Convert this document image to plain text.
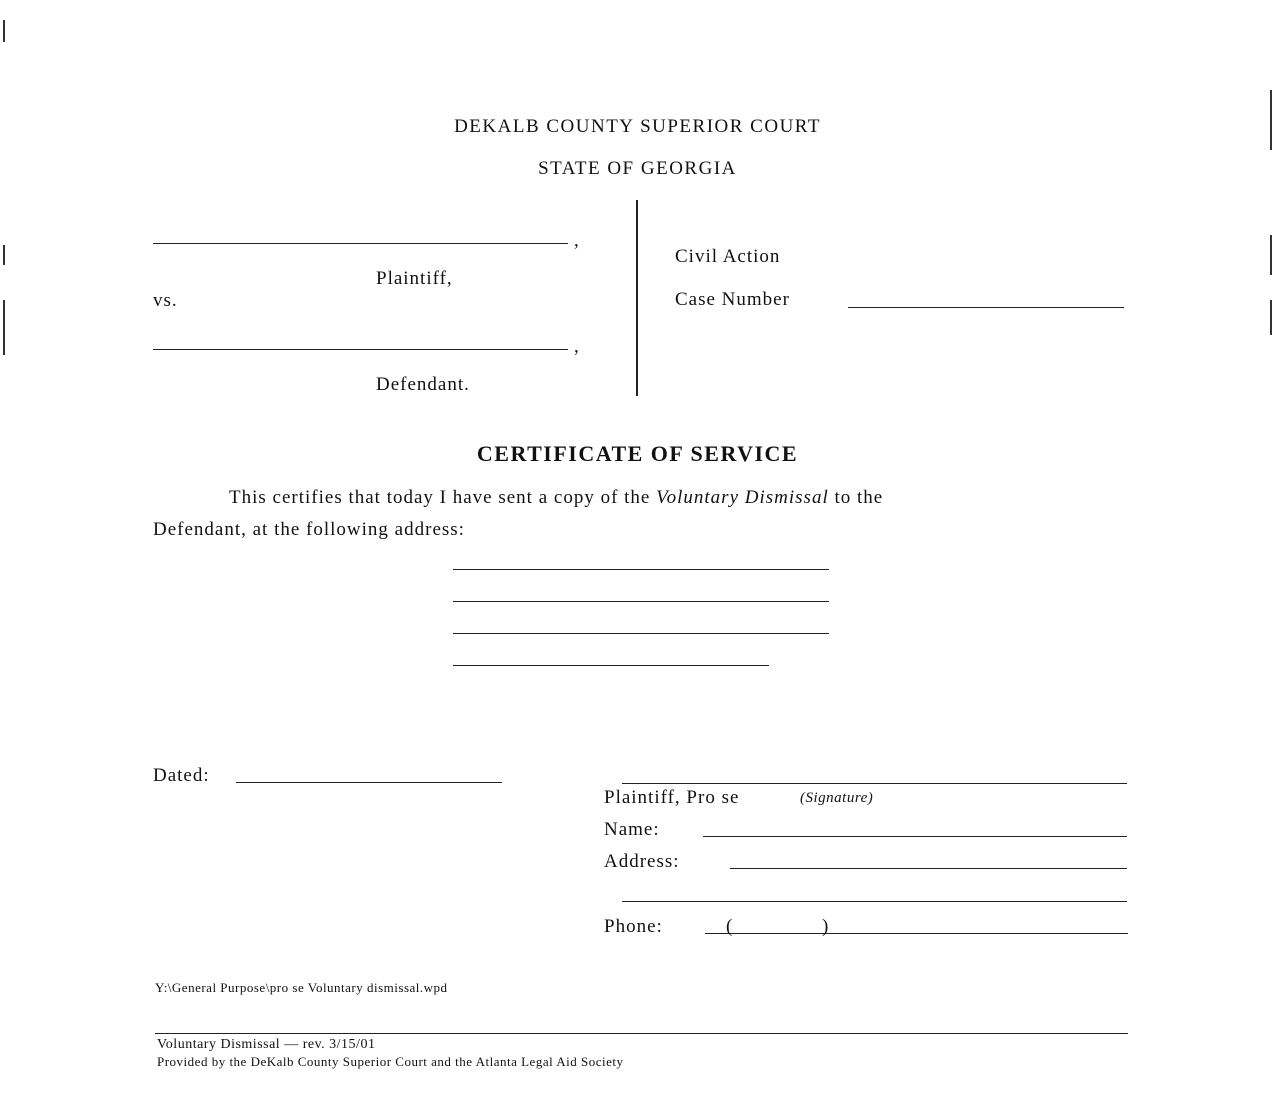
DEKALB COUNTY SUPERIOR COURT
STATE OF GEORGIA
,
Plaintiff,
vs.
,
Defendant.
Civil Action
Case Number
CERTIFICATE OF SERVICE
This certifies that today I have sent a copy of the Voluntary Dismissal to the
Defendant, at the following address:
Dated:
Plaintiff, Pro se	(Signature)
Name:
Address:
Phone:	(	)
Y:\General Purpose\pro se Voluntary dismissal.wpd
Voluntary Dismissal — rev. 3/15/01
Provided by the DeKalb County Superior Court and the Atlanta Legal Aid Society
